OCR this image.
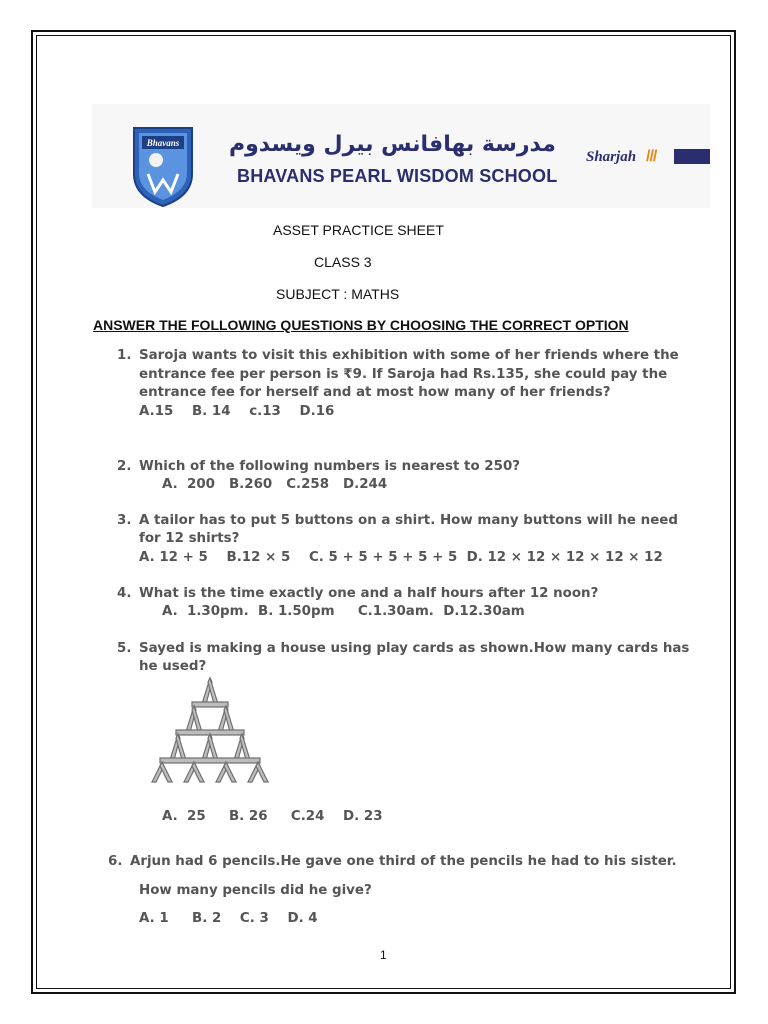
Bhavans مدرسة بهافانس بيرل ويسدوم
BHAVANS PEARL WISDOM SCHOOL
Sharjah ///
ASSET PRACTICE SHEET
CLASS 3
SUBJECT : MATHS
ANSWER THE FOLLOWING QUESTIONS BY CHOOSING THE CORRECT OPTION
1. Saroja wants to visit this exhibition with some of her friends where the
entrance fee per person is ₹9. If Saroja had Rs.135, she could pay the
entrance fee for herself and at most how many of her friends?
A.15    B. 14    c.13    D.16
2. Which of the following numbers is nearest to 250?
A.  200   B.260   C.258   D.244
3. A tailor has to put 5 buttons on a shirt. How many buttons will he need
for 12 shirts?
A. 12 + 5    B.12 × 5    C. 5 + 5 + 5 + 5 + 5  D. 12 × 12 × 12 × 12 × 12
4. What is the time exactly one and a half hours after 12 noon?
A.  1.30pm.  B. 1.50pm     C.1.30am.  D.12.30am
5. Sayed is making a house using play cards as shown.How many cards has
he used?
A.  25     B. 26     C.24    D. 23
6. Arjun had 6 pencils.He gave one third of the pencils he had to his sister.
How many pencils did he give?
A. 1     B. 2    C. 3    D. 4
1
